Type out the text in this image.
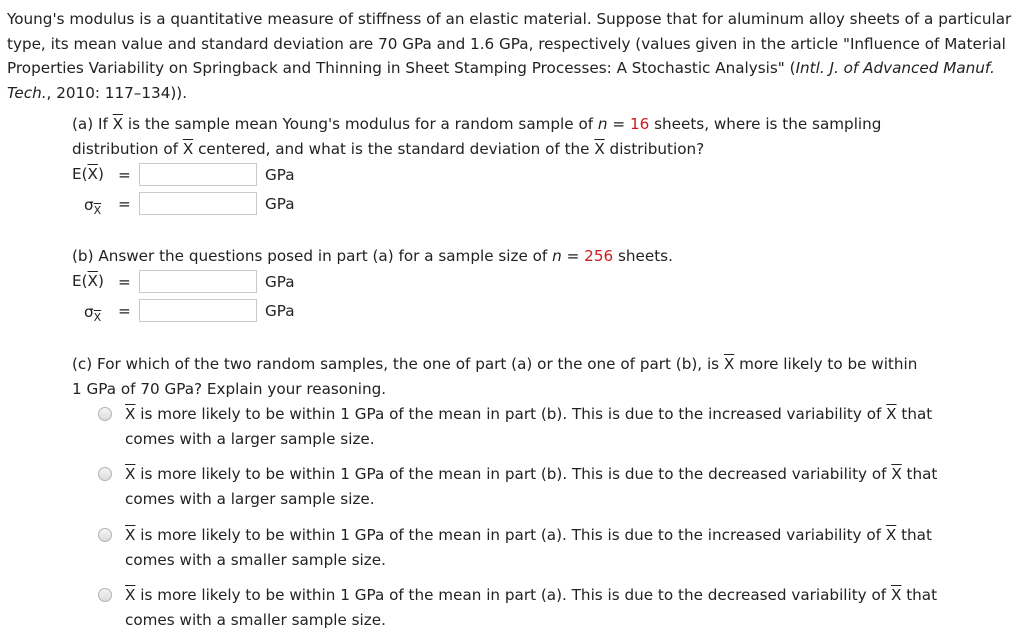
Young's modulus is a quantitative measure of stiffness of an elastic material. Suppose that for aluminum alloy sheets of a particular type, its mean value and standard deviation are 70 GPa and 1.6 GPa, respectively (values given in the article "Influence of Material Properties Variability on Springback and Thinning in Sheet Stamping Processes: A Stochastic Analysis" (Intl. J. of Advanced Manuf. Tech., 2010: 117–134)).
(a) If $\overline{X}$ is the sample mean Young's modulus for a random sample of n = 16 sheets, where is the sampling
distribution of $\overline{X}$ centered, and what is the standard deviation of the $\overline{X}$ distribution?
$E(\overline{X})$ =	GPa
$\sigma_{\overline{X}}$ =	GPa
(b) Answer the questions posed in part (a) for a sample size of n = 256 sheets.
$E(\overline{X})$ =	GPa
$\sigma_{\overline{X}}$ =	GPa
(c) For which of the two random samples, the one of part (a) or the one of part (b), is $\overline{X}$ more likely to be within
1 GPa of 70 GPa? Explain your reasoning.
$\overline{X}$ is more likely to be within 1 GPa of the mean in part (b). This is due to the increased variability of $\overline{X}$ that
comes with a larger sample size.
$\overline{X}$ is more likely to be within 1 GPa of the mean in part (b). This is due to the decreased variability of $\overline{X}$ that
comes with a larger sample size.
$\overline{X}$ is more likely to be within 1 GPa of the mean in part (a). This is due to the increased variability of $\overline{X}$ that
comes with a smaller sample size.
$\overline{X}$ is more likely to be within 1 GPa of the mean in part (a). This is due to the decreased variability of $\overline{X}$ that
comes with a smaller sample size.
